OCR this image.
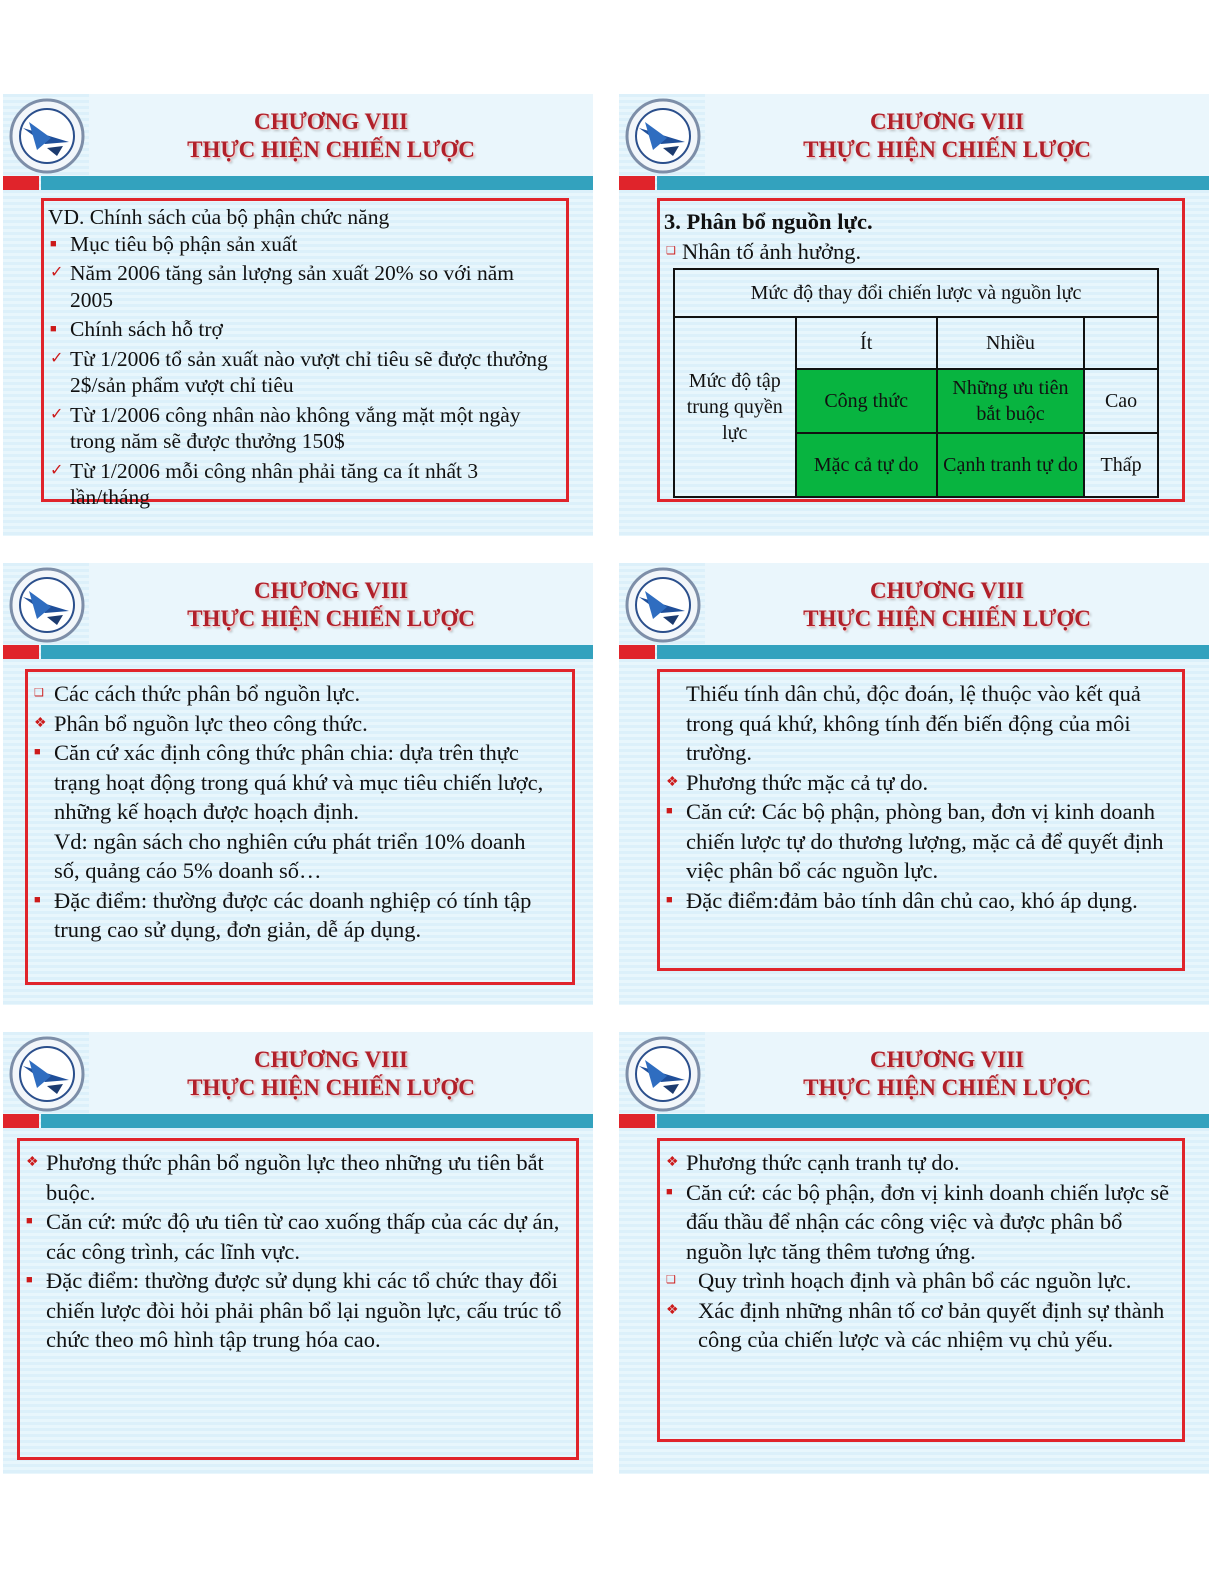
CHƯƠNG VIII
THỰC HIỆN CHIẾN LƯỢC
VD. Chính sách của bộ phận chức năng
■ Mục tiêu bộ phận sản xuất
✓ Năm 2006 tăng sản lượng sản xuất 20% so với năm 2005
■ Chính sách hỗ trợ
✓ Từ 1/2006 tổ sản xuất nào vượt chỉ tiêu sẽ được thưởng 2$/sản phẩm vượt chỉ tiêu
✓ Từ 1/2006 công nhân nào không vắng mặt một ngày trong năm sẽ được thưởng 150$
✓ Từ 1/2006 mỗi công nhân phải tăng ca ít nhất 3 lần/tháng
CHƯƠNG VIII
THỰC HIỆN CHIẾN LƯỢC
3. Phân bổ nguồn lực.
❑ Nhân tố ảnh hưởng.
Mức độ thay đổi chiến lược và nguồn lực			
Mức độ tập trung quyền lực	Ít	Nhiều	
	Công thức	Những ưu tiên bắt buộc	Cao
	Mặc cả tự do	Cạnh tranh tự do	Thấp
CHƯƠNG VIII
THỰC HIỆN CHIẾN LƯỢC
❑ Các cách thức phân bổ nguồn lực.
❖ Phân bổ nguồn lực theo công thức.
■ Căn cứ xác định công thức phân chia: dựa trên thực trạng hoạt động trong quá khứ và mục tiêu chiến lược, những kế hoạch được hoạch định.
Vd: ngân sách cho nghiên cứu phát triển 10% doanh số, quảng cáo 5% doanh số…
■ Đặc điểm: thường được các doanh nghiệp có tính tập trung cao sử dụng, đơn giản, dễ áp dụng.
CHƯƠNG VIII
THỰC HIỆN CHIẾN LƯỢC
Thiếu tính dân chủ, độc đoán, lệ thuộc vào kết quả trong quá khứ, không tính đến biến động của môi trường.
❖ Phương thức mặc cả tự do.
■ Căn cứ: Các bộ phận, phòng ban, đơn vị kinh doanh chiến lược tự do thương lượng, mặc cả để quyết định việc phân bổ các nguồn lực.
■ Đặc điểm:đảm bảo tính dân chủ cao, khó áp dụng.
CHƯƠNG VIII
THỰC HIỆN CHIẾN LƯỢC
❖ Phương thức phân bổ nguồn lực theo những ưu tiên bắt buộc.
■ Căn cứ: mức độ ưu tiên từ cao xuống thấp của các dự án, các công trình, các lĩnh vực.
■ Đặc điểm: thường được sử dụng khi các tổ chức thay đổi chiến lược đòi hỏi phải phân bổ lại nguồn lực, cấu trúc tổ chức theo mô hình tập trung hóa cao.
CHƯƠNG VIII
THỰC HIỆN CHIẾN LƯỢC
❖ Phương thức cạnh tranh tự do.
■ Căn cứ: các bộ phận, đơn vị kinh doanh chiến lược sẽ đấu thầu để nhận các công việc và được phân bổ nguồn lực tăng thêm tương ứng.
❑ Quy trình hoạch định và phân bổ các nguồn lực.
❖ Xác định những nhân tố cơ bản quyết định sự thành công của chiến lược và các nhiệm vụ chủ yếu.
